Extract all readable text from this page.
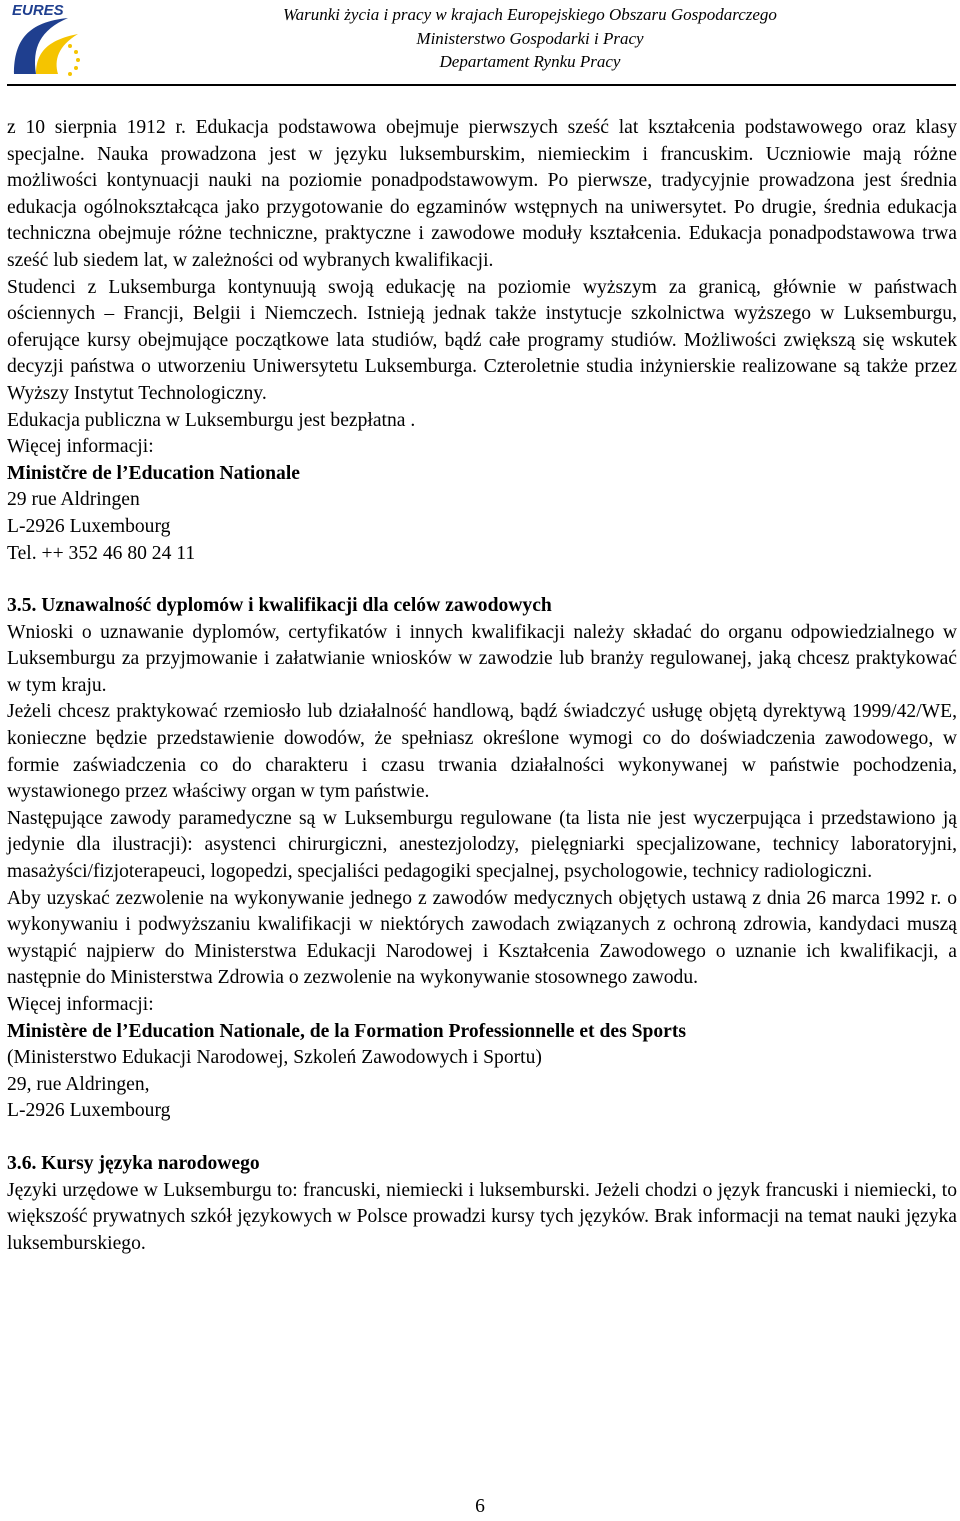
EURES	Warunki życia i pracy w krajach Europejskiego Obszaru Gospodarczego
Ministerstwo Gospodarki i Pracy
Departament Rynku Pracy

z 10 sierpnia 1912 r. Edukacja podstawowa obejmuje pierwszych sześć lat kształcenia podstawowego oraz klasy specjalne. Nauka prowadzona jest w języku luksemburskim, niemieckim i francuskim. Uczniowie mają różne możliwości kontynuacji nauki na poziomie ponadpodstawowym. Po pierwsze, tradycyjnie prowadzona jest średnia edukacja ogólnokształcąca jako przygotowanie do egzaminów wstępnych na uniwersytet. Po drugie, średnia edukacja techniczna obejmuje różne techniczne, praktyczne i zawodowe moduły kształcenia. Edukacja ponadpodstawowa trwa sześć lub siedem lat, w zależności od wybranych kwalifikacji.

Studenci z Luksemburga kontynuują swoją edukację na poziomie wyższym za granicą, głównie w państwach ościennych – Francji, Belgii i Niemczech. Istnieją jednak także instytucje szkolnictwa wyższego w Luksemburgu, oferujące kursy obejmujące początkowe lata studiów, bądź całe programy studiów. Możliwości zwiększą się wskutek decyzji państwa o utworzeniu Uniwersytetu Luksemburga. Czteroletnie studia inżynierskie realizowane są także przez Wyższy Instytut Technologiczny.

Edukacja publiczna w Luksemburgu jest bezpłatna .

Więcej informacji:

Ministčre de l’Education Nationale

29 rue Aldringen

L-2926 Luxembourg

Tel. ++ 352 46 80 24 11

3.5. Uznawalność dyplomów i kwalifikacji dla celów zawodowych

Wnioski o uznawanie dyplomów, certyfikatów i innych kwalifikacji należy składać do organu odpowiedzialnego w Luksemburgu za przyjmowanie i załatwianie wniosków w zawodzie lub branży regulowanej, jaką chcesz praktykować w tym kraju.

Jeżeli chcesz praktykować rzemiosło lub działalność handlową, bądź świadczyć usługę objętą dyrektywą 1999/42/WE, konieczne będzie przedstawienie dowodów, że spełniasz określone wymogi co do doświadczenia zawodowego, w formie zaświadczenia co do charakteru i czasu trwania działalności wykonywanej w państwie pochodzenia, wystawionego przez właściwy organ w tym państwie.

Następujące zawody paramedyczne są w Luksemburgu regulowane (ta lista nie jest wyczerpująca i przedstawiono ją jedynie dla ilustracji): asystenci chirurgiczni, anestezjolodzy, pielęgniarki specjalizowane, technicy laboratoryjni, masażyści/fizjoterapeuci, logopedzi, specjaliści pedagogiki specjalnej, psychologowie, technicy radiologiczni.

Aby uzyskać zezwolenie na wykonywanie jednego z zawodów medycznych objętych ustawą z dnia 26 marca 1992 r. o wykonywaniu i podwyższaniu kwalifikacji w niektórych zawodach związanych z ochroną zdrowia, kandydaci muszą wystąpić najpierw do Ministerstwa Edukacji Narodowej i Kształcenia Zawodowego o uznanie ich kwalifikacji, a następnie do Ministerstwa Zdrowia o zezwolenie na wykonywanie stosownego zawodu.

Więcej informacji:

Ministère de l’Education Nationale, de la Formation Professionnelle et des Sports

(Ministerstwo Edukacji Narodowej, Szkoleń Zawodowych i Sportu)

29, rue Aldringen,

L-2926 Luxembourg

3.6. Kursy języka narodowego

Języki urzędowe w Luksemburgu to: francuski, niemiecki i luksemburski. Jeżeli chodzi o język francuski i niemiecki, to większość prywatnych szkół językowych w Polsce prowadzi kursy tych języków. Brak informacji na temat nauki języka luksemburskiego.

6
